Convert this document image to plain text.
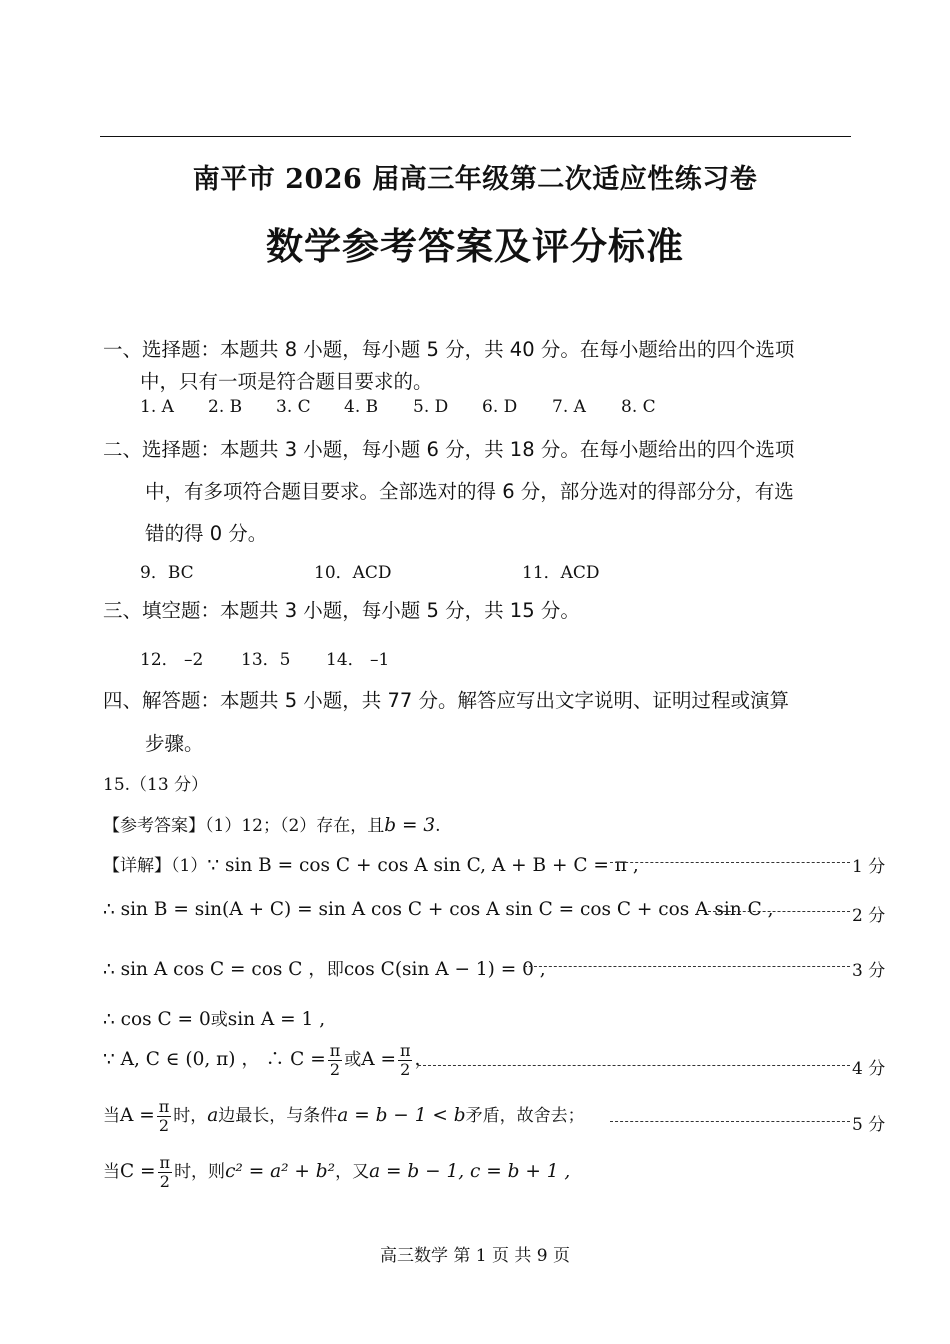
南平市 2026 届高三年级第二次适应性练习卷
数学参考答案及评分标准
一、选择题：本题共 8 小题，每小题 5 分，共 40 分。在每小题给出的四个选项
中，只有一项是符合题目要求的。
1. A 2. B 3. C 4. B 5. D 6. D 7. A 8. C
二、选择题：本题共 3 小题，每小题 6 分，共 18 分。在每小题给出的四个选项
中，有多项符合题目要求。全部选对的得 6 分，部分选对的得部分分，有选
错的得 0 分。
9．BC	10．ACD	11．ACD
三、填空题：本题共 3 小题，每小题 5 分，共 15 分。
12． –2 13．5 14． –1
四、解答题：本题共 5 小题，共 77 分。解答应写出文字说明、证明过程或演算
步骤。
15.（13 分）
【参考答案】（1）12；（2）存在，且b = 3.
【详解】（1）∵ sin B = cos C + cos A sin C, A + B + C = π ,	1 分
∴ sin B = sin(A + C) = sin A cos C + cos A sin C = cos C + cos A sin C ,	2 分
∴ sin A cos C = cos C ，即cos C(sin A − 1) = 0 ,	3 分
∴ cos C = 0或sin A = 1 ,
∵ A, C ∈ (0, π) ， ∴ $C = \frac{\pi}{2}$ 或$A = \frac{\pi}{2}$ ，	4 分
当$A = \frac{\pi}{2}$ 时，a边最长，与条件a = b − 1 < b矛盾，故舍去；	5 分
当$C = \frac{\pi}{2}$ 时，则c² = a² + b²，又a = b − 1, c = b + 1 ,
高三数学 第 1 页 共 9 页
